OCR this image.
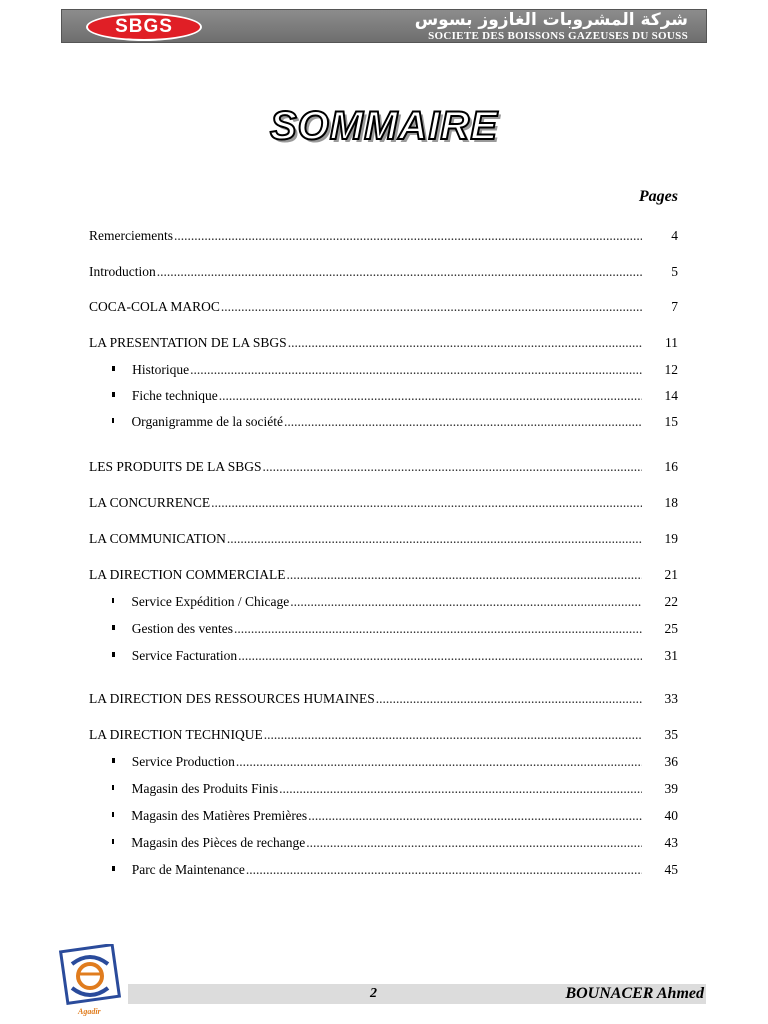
SBGS	شركة المشروبات الغازوز بسوس
SOCIETE DES BOISSONS GAZEUSES DU SOUSS
SOMMAIRE
Pages
Remerciements .....	4
Introduction .....	5
COCA-COLA MAROC .....	7
LA PRESENTATION DE LA SBGS .....	11
Historique .....	12
Fiche technique .....	14
Organigramme de la société .....	15
LES PRODUITS DE LA SBGS .....	16
LA CONCURRENCE .....	18
LA COMMUNICATION .....	19
LA DIRECTION COMMERCIALE .....	21
Service Expédition / Chicage .....	22
Gestion des ventes .....	25
Service Facturation .....	31
LA DIRECTION DES RESSOURCES HUMAINES .....	33
LA DIRECTION TECHNIQUE .....	35
Service Production .....	36
Magasin des Produits Finis .....	39
Magasin des Matières Premières .....	40
Magasin des Pièces de rechange .....	43
Parc de Maintenance .....	45
Agadir
2	BOUNACER Ahmed
